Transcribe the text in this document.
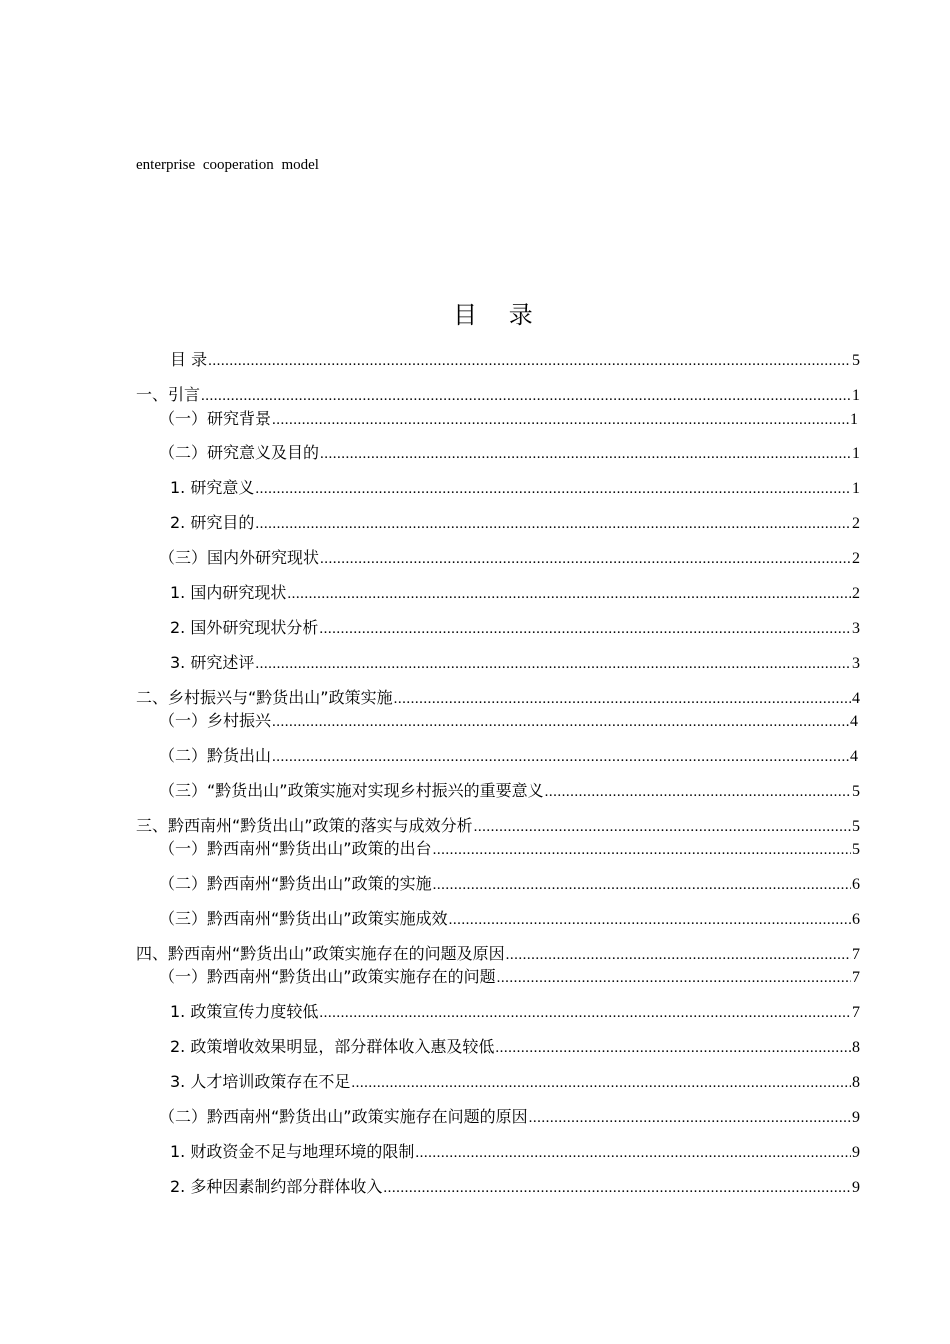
enterprise cooperation model
目 录
目 录 .....	5
一、引言 .....	1
（一）研究背景 .....	1
（二）研究意义及目的 .....	1
1. 研究意义 .....	1
2. 研究目的 .....	2
（三）国内外研究现状 .....	2
1. 国内研究现状 .....	2
2. 国外研究现状分析 .....	3
3. 研究述评 .....	3
二、乡村振兴与“黔货出山”政策实施 .....	4
（一）乡村振兴 .....	4
（二）黔货出山 .....	4
（三）“黔货出山”政策实施对实现乡村振兴的重要意义 .....	5
三、黔西南州“黔货出山”政策的落实与成效分析 .....	5
（一）黔西南州“黔货出山”政策的出台 .....	5
（二）黔西南州“黔货出山”政策的实施 .....	6
（三）黔西南州“黔货出山”政策实施成效 .....	6
四、黔西南州“黔货出山”政策实施存在的问题及原因 .....	7
（一）黔西南州“黔货出山”政策实施存在的问题 .....	7
1. 政策宣传力度较低 .....	7
2. 政策增收效果明显，部分群体收入惠及较低 .....	8
3. 人才培训政策存在不足 .....	8
（二）黔西南州“黔货出山”政策实施存在问题的原因 .....	9
1. 财政资金不足与地理环境的限制 .....	9
2. 多种因素制约部分群体收入 .....	9
